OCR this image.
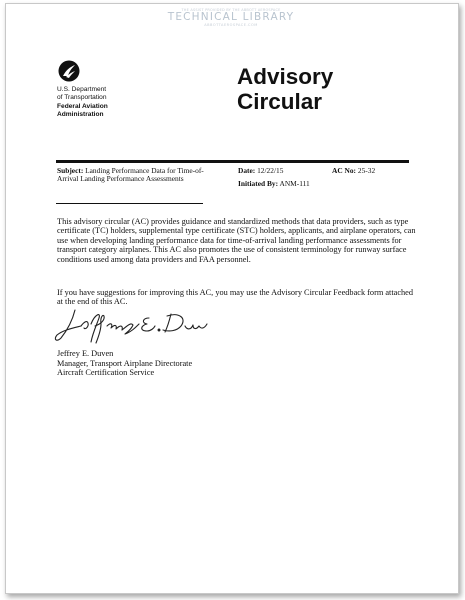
THE ASSIST PROVIDED BY THE ABBOTT AEROSPACE
TECHNICAL LIBRARY
ABBOTTAEROSPACE.COM
U.S. Department
of Transportation
Federal Aviation
Administration
Advisory
Circular
Subject: Landing Performance Data for Time-of-Arrival Landing Performance Assessments
Date: 12/22/15	AC No: 25-32
Initiated By: ANM-111

This advisory circular (AC) provides guidance and standardized methods that data providers, such as type certificate (TC) holders, supplemental type certificate (STC) holders, applicants, and airplane operators, can use when developing landing performance data for time-of-arrival landing performance assessments for transport category airplanes. This AC also promotes the use of consistent terminology for runway surface conditions used among data providers and FAA personnel.

If you have suggestions for improving this AC, you may use the Advisory Circular Feedback form attached at the end of this AC.

Jeffrey E. Duven
Manager, Transport Airplane Directorate
Aircraft Certification Service
